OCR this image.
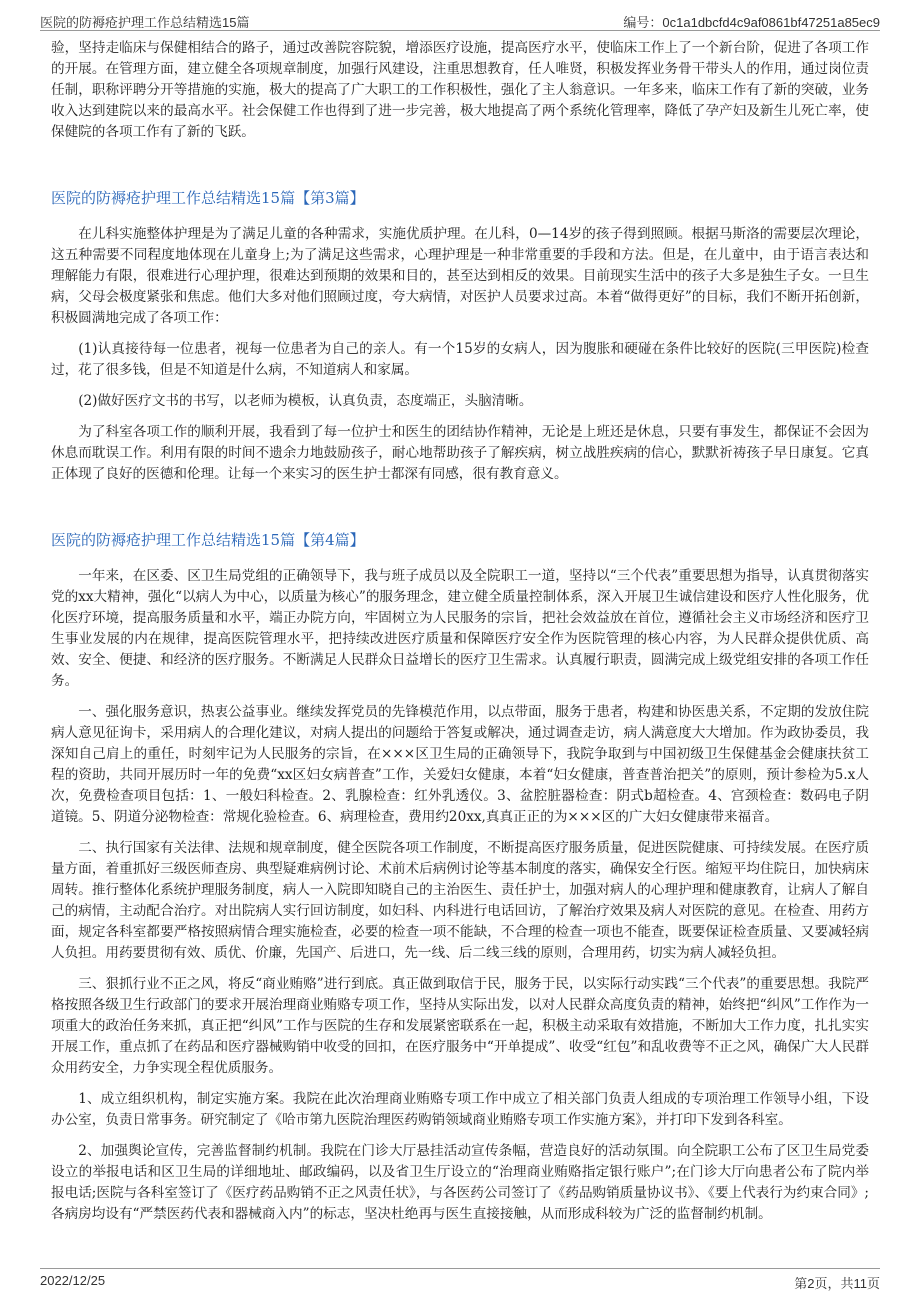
医院的防褥疮护理工作总结精选15篇	编号：0c1a1dbcfd4c9af0861bf47251a85ec9

验，坚持走临床与保健相结合的路子，通过改善院容院貌，增添医疗设施，提高医疗水平，使临床工作上了一个新台阶，促进了各项工作的开展。在管理方面，建立健全各项规章制度，加强行风建设，注重思想教育，任人唯贤，积极发挥业务骨干带头人的作用，通过岗位责任制，职称评聘分开等措施的实施，极大的提高了广大职工的工作积极性，强化了主人翁意识。一年多来，临床工作有了新的突破，业务收入达到建院以来的最高水平。社会保健工作也得到了进一步完善，极大地提高了两个系统化管理率，降低了孕产妇及新生儿死亡率，使保健院的各项工作有了新的飞跃。

医院的防褥疮护理工作总结精选15篇【第3篇】

在儿科实施整体护理是为了满足儿童的各种需求，实施优质护理。在儿科，0—14岁的孩子得到照顾。根据马斯洛的需要层次理论，这五种需要不同程度地体现在儿童身上;为了满足这些需求，心理护理是一种非常重要的手段和方法。但是，在儿童中，由于语言表达和理解能力有限，很难进行心理护理，很难达到预期的效果和目的，甚至达到相反的效果。目前现实生活中的孩子大多是独生子女。一旦生病，父母会极度紧张和焦虑。他们大多对他们照顾过度，夸大病情，对医护人员要求过高。本着“做得更好”的目标，我们不断开拓创新，积极圆满地完成了各项工作：

(1)认真接待每一位患者，视每一位患者为自己的亲人。有一个15岁的女病人，因为腹胀和硬碰在条件比较好的医院(三甲医院)检查过，花了很多钱，但是不知道是什么病，不知道病人和家属。

(2)做好医疗文书的书写，以老师为模板，认真负责，态度端正，头脑清晰。

为了科室各项工作的顺利开展，我看到了每一位护士和医生的团结协作精神，无论是上班还是休息，只要有事发生，都保证不会因为休息而耽误工作。利用有限的时间不遗余力地鼓励孩子，耐心地帮助孩子了解疾病，树立战胜疾病的信心，默默祈祷孩子早日康复。它真正体现了良好的医德和伦理。让每一个来实习的医生护士都深有同感，很有教育意义。

医院的防褥疮护理工作总结精选15篇【第4篇】

一年来，在区委、区卫生局党组的正确领导下，我与班子成员以及全院职工一道，坚持以“三个代表”重要思想为指导，认真贯彻落实党的xx大精神，强化“以病人为中心，以质量为核心”的服务理念，建立健全质量控制体系，深入开展卫生诚信建设和医疗人性化服务，优化医疗环境，提高服务质量和水平，端正办院方向，牢固树立为人民服务的宗旨，把社会效益放在首位，遵循社会主义市场经济和医疗卫生事业发展的内在规律，提高医院管理水平，把持续改进医疗质量和保障医疗安全作为医院管理的核心内容，为人民群众提供优质、高效、安全、便捷、和经济的医疗服务。不断满足人民群众日益增长的医疗卫生需求。认真履行职责，圆满完成上级党组安排的各项工作任务。

一、强化服务意识，热衷公益事业。继续发挥党员的先锋模范作用，以点带面，服务于患者，构建和协医患关系，不定期的发放住院病人意见征询卡，采用病人的合理化建议，对病人提出的问题给于答复或解决，通过调查走访，病人满意度大大增加。作为政协委员，我深知自己肩上的重任，时刻牢记为人民服务的宗旨，在×××区卫生局的正确领导下，我院争取到与中国初级卫生保健基金会健康扶贫工程的资助，共同开展历时一年的免费“xx区妇女病普查”工作，关爱妇女健康，本着“妇女健康，普查普治把关”的原则，预计参检为5.x人次，免费检查项目包括：1、一般妇科检查。2、乳腺检查：红外乳透仪。3、盆腔脏器检查：阴式b超检查。4、宫颈检查：数码电子阴道镜。5、阴道分泌物检查：常规化验检查。6、病理检查，费用约20xx,真真正正的为×××区的广大妇女健康带来福音。

二、执行国家有关法律、法规和规章制度，健全医院各项工作制度，不断提高医疗服务质量，促进医院健康、可持续发展。在医疗质量方面，着重抓好三级医师查房、典型疑难病例讨论、术前术后病例讨论等基本制度的落实，确保安全行医。缩短平均住院日，加快病床周转。推行整体化系统护理服务制度，病人一入院即知晓自己的主治医生、责任护士，加强对病人的心理护理和健康教育，让病人了解自己的病情，主动配合治疗。对出院病人实行回访制度，如妇科、内科进行电话回访，了解治疗效果及病人对医院的意见。在检查、用药方面，规定各科室都要严格按照病情合理实施检查，必要的检查一项不能缺，不合理的检查一项也不能查，既要保证检查质量、又要减轻病人负担。用药要贯彻有效、质优、价廉，先国产、后进口，先一线、后二线三线的原则，合理用药，切实为病人减轻负担。

三、狠抓行业不正之风，将反“商业贿赂”进行到底。真正做到取信于民，服务于民，以实际行动实践“三个代表”的重要思想。我院严格按照各级卫生行政部门的要求开展治理商业贿赂专项工作，坚持从实际出发，以对人民群众高度负责的精神，始终把“纠风”工作作为一项重大的政治任务来抓，真正把“纠风”工作与医院的生存和发展紧密联系在一起，积极主动采取有效措施，不断加大工作力度，扎扎实实开展工作，重点抓了在药品和医疗器械购销中收受的回扣，在医疗服务中“开单提成”、收受“红包”和乱收费等不正之风，确保广大人民群众用药安全，力争实现全程优质服务。

1、成立组织机构，制定实施方案。我院在此次治理商业贿赂专项工作中成立了相关部门负责人组成的专项治理工作领导小组，下设办公室，负责日常事务。研究制定了《哈市第九医院治理医药购销领域商业贿赂专项工作实施方案》，并打印下发到各科室。

2、加强舆论宣传，完善监督制约机制。我院在门诊大厅悬挂活动宣传条幅，营造良好的活动氛围。向全院职工公布了区卫生局党委设立的举报电话和区卫生局的详细地址、邮政编码，以及省卫生厅设立的“治理商业贿赂指定银行账户”;在门诊大厅向患者公布了院内举报电话;医院与各科室签订了《医疗药品购销不正之风责任状》，与各医药公司签订了《药品购销质量协议书》、《要上代表行为约束合同》;各病房均设有“严禁医药代表和器械商入内”的标志，坚决杜绝再与医生直接接触，从而形成科较为广泛的监督制约机制。

2022/12/25	第2页，共11页
